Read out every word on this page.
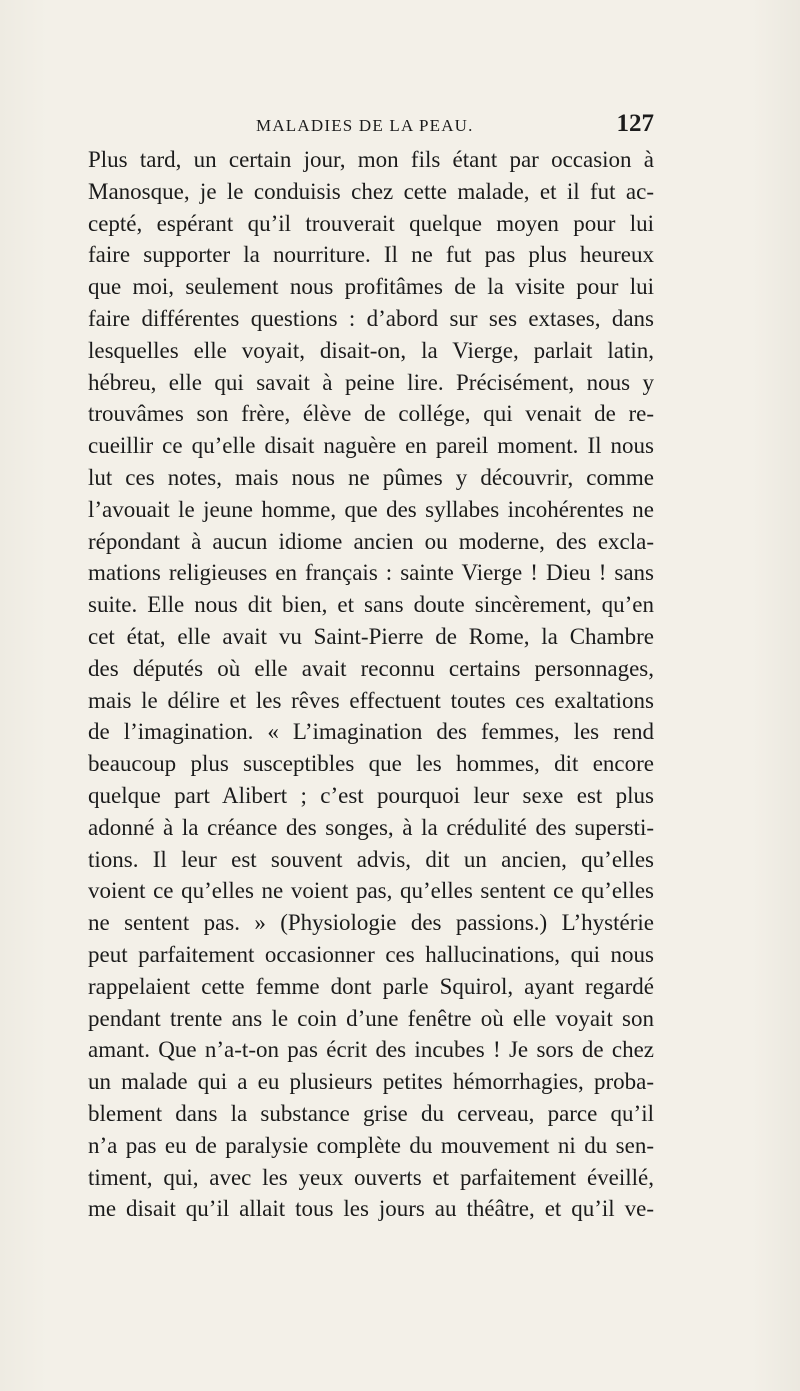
MALADIES DE LA PEAU.	127
Plus tard, un certain jour, mon fils étant par occasion à
Manosque, je le conduisis chez cette malade, et il fut ac-
cepté, espérant qu’il trouverait quelque moyen pour lui
faire supporter la nourriture. Il ne fut pas plus heureux
que moi, seulement nous profitâmes de la visite pour lui
faire différentes questions : d’abord sur ses extases, dans
lesquelles elle voyait, disait-on, la Vierge, parlait latin,
hébreu, elle qui savait à peine lire. Précisément, nous y
trouvâmes son frère, élève de collége, qui venait de re-
cueillir ce qu’elle disait naguère en pareil moment. Il nous
lut ces notes, mais nous ne pûmes y découvrir, comme
l’avouait le jeune homme, que des syllabes incohérentes ne
répondant à aucun idiome ancien ou moderne, des excla-
mations religieuses en français : sainte Vierge ! Dieu ! sans
suite. Elle nous dit bien, et sans doute sincèrement, qu’en
cet état, elle avait vu Saint-Pierre de Rome, la Chambre
des députés où elle avait reconnu certains personnages,
mais le délire et les rêves effectuent toutes ces exaltations
de l’imagination. « L’imagination des femmes, les rend
beaucoup plus susceptibles que les hommes, dit encore
quelque part Alibert ; c’est pourquoi leur sexe est plus
adonné à la créance des songes, à la crédulité des supersti-
tions. Il leur est souvent advis, dit un ancien, qu’elles
voient ce qu’elles ne voient pas, qu’elles sentent ce qu’elles
ne sentent pas. » (Physiologie des passions.) L’hystérie
peut parfaitement occasionner ces hallucinations, qui nous
rappelaient cette femme dont parle Squirol, ayant regardé
pendant trente ans le coin d’une fenêtre où elle voyait son
amant. Que n’a-t-on pas écrit des incubes ! Je sors de chez
un malade qui a eu plusieurs petites hémorrhagies, proba-
blement dans la substance grise du cerveau, parce qu’il
n’a pas eu de paralysie complète du mouvement ni du sen-
timent, qui, avec les yeux ouverts et parfaitement éveillé,
me disait qu’il allait tous les jours au théâtre, et qu’il ve-
